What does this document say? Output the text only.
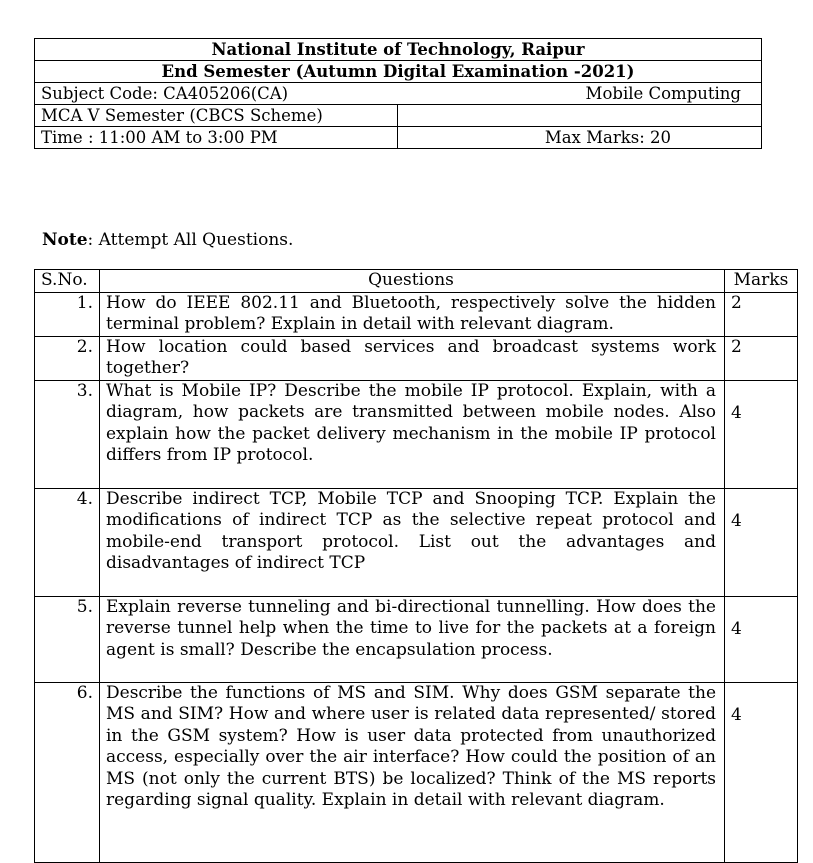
National Institute of Technology, Raipur	
End Semester (Autumn Digital Examination -2021)	
Subject Code: CA405206(CA) Mobile Computing	

MCA V Semester (CBCS Scheme)	
Time : 11:00 AM to 3:00 PM	Max Marks: 20
Note: Attempt All Questions.
S.No.	Questions	Marks
1.	How do IEEE 802.11 and Bluetooth, respectively solve the hidden terminal problem? Explain in detail with relevant diagram.	2
2.	How location could based services and broadcast systems work together?	2
3.	What is Mobile IP? Describe the mobile IP protocol. Explain, with a diagram, how packets are transmitted between mobile nodes. Also explain how the packet delivery mechanism in the mobile IP protocol differs from IP protocol.	4
4.	Describe indirect TCP, Mobile TCP and Snooping TCP. Explain the modifications of indirect TCP as the selective repeat protocol and mobile-end transport protocol. List out the advantages and disadvantages of indirect TCP	4
5.	Explain reverse tunneling and bi-directional tunnelling. How does the reverse tunnel help when the time to live for the packets at a foreign agent is small? Describe the encapsulation process.	4
6.	Describe the functions of MS and SIM. Why does GSM separate the MS and SIM? How and where user is related data represented/ stored in the GSM system? How is user data protected from unauthorized access, especially over the air interface? How could the position of an MS (not only the current BTS) be localized? Think of the MS reports regarding signal quality. Explain in detail with relevant diagram.	4
